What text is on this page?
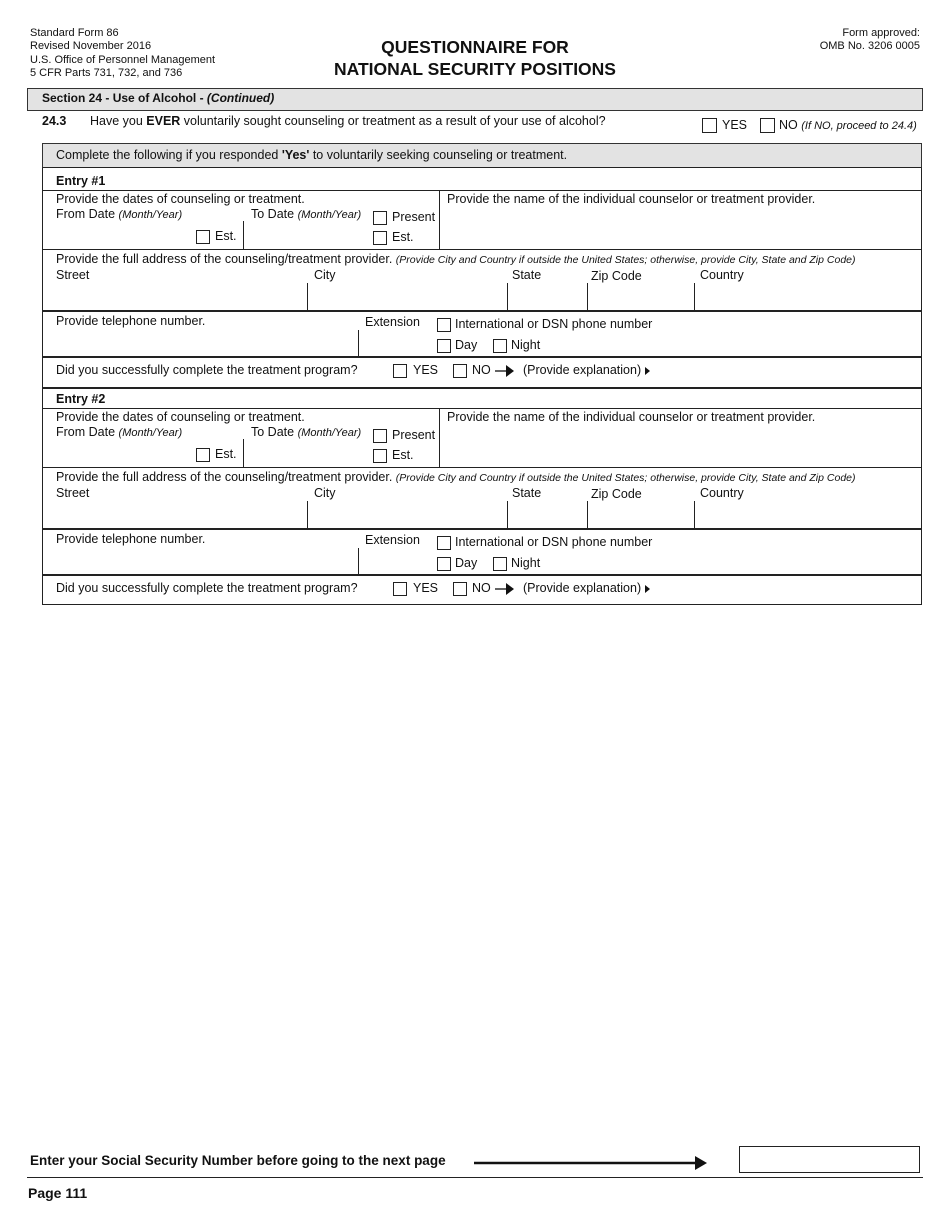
Standard Form 86
Revised November 2016
U.S. Office of Personnel Management
5 CFR Parts 731, 732, and 736
QUESTIONNAIRE FOR
NATIONAL SECURITY POSITIONS
Form approved:
OMB No. 3206 0005
Section 24 - Use of Alcohol - (Continued)
24.3 Have you EVER voluntarily sought counseling or treatment as a result of your use of alcohol?	YES	NO (If NO, proceed to 24.4)
Complete the following if you responded 'Yes' to voluntarily seeking counseling or treatment.
Entry #1
Provide the dates of counseling or treatment.
From Date (Month/Year)	To Date (Month/Year)
Est.
Present
Est.
Provide the name of the individual counselor or treatment provider.
Provide the full address of the counseling/treatment provider. (Provide City and Country if outside the United States; otherwise, provide City, State and Zip Code)
Street	City	State	Zip Code	Country
Provide telephone number.	Extension	International or DSN phone number
Day	Night
Did you successfully complete the treatment program?	YES	NO	(Provide explanation)
Entry #2
Provide the dates of counseling or treatment.
From Date (Month/Year)	To Date (Month/Year)
Est.
Present
Est.
Provide the name of the individual counselor or treatment provider.
Provide the full address of the counseling/treatment provider. (Provide City and Country if outside the United States; otherwise, provide City, State and Zip Code)
Street	City	State	Zip Code	Country
Provide telephone number.	Extension	International or DSN phone number
Day	Night
Did you successfully complete the treatment program?	YES	NO	(Provide explanation)
Enter your Social Security Number before going to the next page
Page 111
